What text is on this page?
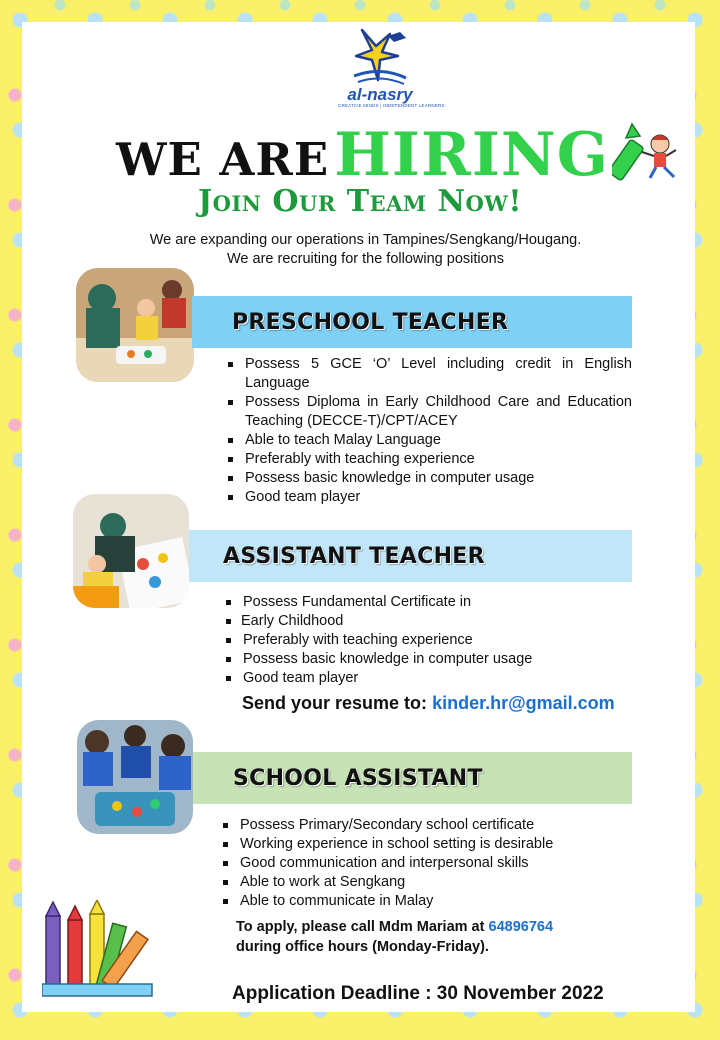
al-nasry
CREATIVE MINDS | INDEPENDENT LEARNERS
WE ARE HIRING
Join Our Team Now!
We are expanding our operations in Tampines/Sengkang/Hougang.
We are recruiting for the following positions
PRESCHOOL TEACHER
Possess 5 GCE ‘O’ Level including credit in English Language
Possess Diploma in Early Childhood Care and Education Teaching (DECCE-T)/CPT/ACEY
Able to teach Malay Language
Preferably with teaching experience
Possess basic knowledge in computer usage
Good team player
ASSISTANT TEACHER
Possess Fundamental Certificate in
Early Childhood
Preferably with teaching experience
Possess basic knowledge in computer usage
Good team player
Send your resume to: kinder.hr@gmail.com
SCHOOL ASSISTANT
Possess Primary/Secondary school certificate
Working experience in school setting is desirable
Good communication and interpersonal skills
Able to work at Sengkang
Able to communicate in Malay
To apply, please call Mdm Mariam at 64896764
during office hours (Monday-Friday).
Application Deadline : 30 November 2022
